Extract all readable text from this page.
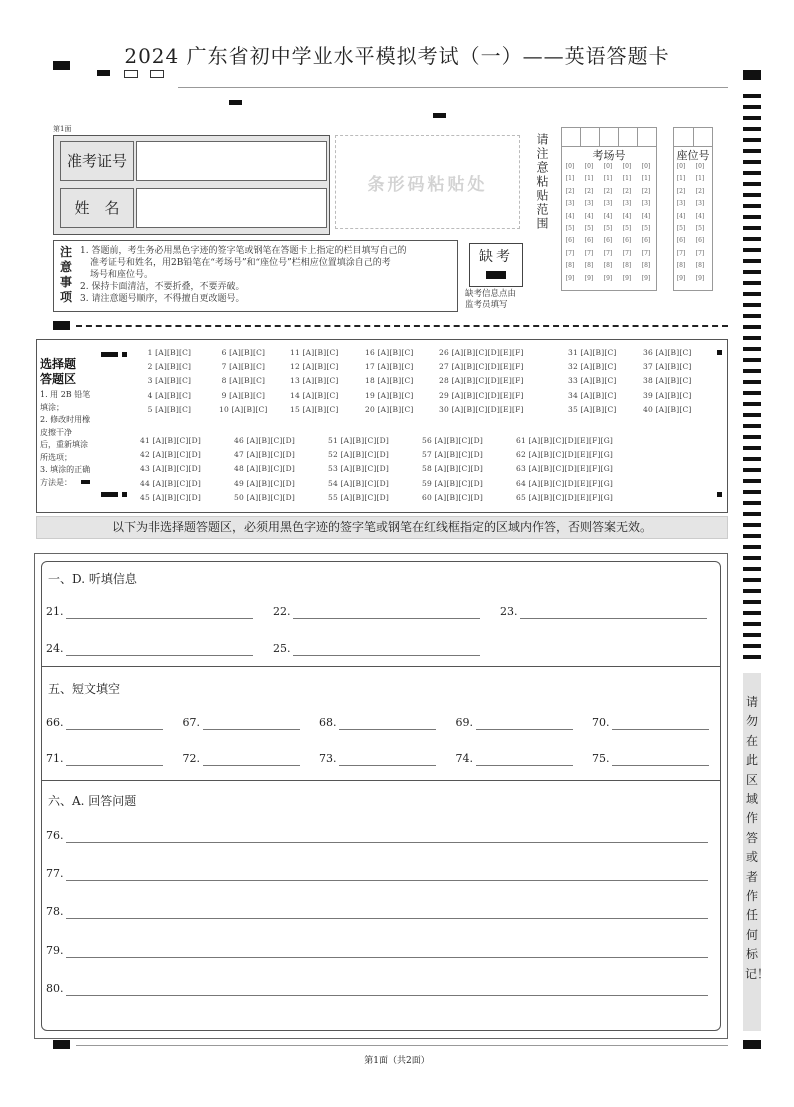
2024 广东省初中学业水平模拟考试（一）——英语答题卡
第1面
准考证号
姓　名
条形码粘贴处	请注意粘贴范围	考场号
[0] [0] [0] [0] [0]
[1] [1] [1] [1] [1]
[2] [2] [2] [2] [2]
[3] [3] [3] [3] [3]
[4] [4] [4] [4] [4]
[5] [5] [5] [5] [5]
[6] [6] [6] [6] [6]
[7] [7] [7] [7] [7]
[8] [8] [8] [8] [8]
[9] [9] [9] [9] [9]
座位号
[0] [0]
[1] [1]
[2] [2]
[3] [3]
[4] [4]
[5] [5]
[6] [6]
[7] [7]
[8] [8]
[9] [9]
注意事项
1. 答题前，考生务必用黑色字迹的签字笔或钢笔在答题卡上指定的栏目填写自己的
准考证号和姓名，用2B铅笔在“考场号”和“座位号”栏相应位置填涂自己的考
场号和座位号。
2. 保持卡面清洁，不要折叠，不要弄破。
3. 请注意题号顺序，不得擅自更改题号。
缺考
缺考信息点由
监考员填写
选择题
答题区
1. 用 2B 铅笔
填涂；
2. 修改时用橡
皮擦干净
后，重新填涂
所选项；
3. 填涂的正确
方法是：
1 [A][B][C]	6 [A][B][C]	11 [A][B][C]	16 [A][B][C]	26 [A][B][C][D][E][F]	31 [A][B][C]	36 [A][B][C]
2 [A][B][C]	7 [A][B][C]	12 [A][B][C]	17 [A][B][C]	27 [A][B][C][D][E][F]	32 [A][B][C]	37 [A][B][C]
3 [A][B][C]	8 [A][B][C]	13 [A][B][C]	18 [A][B][C]	28 [A][B][C][D][E][F]	33 [A][B][C]	38 [A][B][C]
4 [A][B][C]	9 [A][B][C]	14 [A][B][C]	19 [A][B][C]	29 [A][B][C][D][E][F]	34 [A][B][C]	39 [A][B][C]
5 [A][B][C]	10 [A][B][C]	15 [A][B][C]	20 [A][B][C]	30 [A][B][C][D][E][F]	35 [A][B][C]	40 [A][B][C]
41 [A][B][C][D]	46 [A][B][C][D]	51 [A][B][C][D]	56 [A][B][C][D]	61 [A][B][C][D][E][F][G]
42 [A][B][C][D]	47 [A][B][C][D]	52 [A][B][C][D]	57 [A][B][C][D]	62 [A][B][C][D][E][F][G]
43 [A][B][C][D]	48 [A][B][C][D]	53 [A][B][C][D]	58 [A][B][C][D]	63 [A][B][C][D][E][F][G]
44 [A][B][C][D]	49 [A][B][C][D]	54 [A][B][C][D]	59 [A][B][C][D]	64 [A][B][C][D][E][F][G]
45 [A][B][C][D]	50 [A][B][C][D]	55 [A][B][C][D]	60 [A][B][C][D]	65 [A][B][C][D][E][F][G]
以下为非选择题答题区，必须用黑色字迹的签字笔或钢笔在红线框指定的区域内作答，否则答案无效。
一、D. 听填信息
21.	22.	23.
24.	25.
五、短文填空
66.	67.	68.	69.	70.
71.	72.	73.	74.	75.
六、A. 回答问题
76.
77.
78.
79.
80.
请勿在此区域作答或者作任何标记！
第1面（共2面）
